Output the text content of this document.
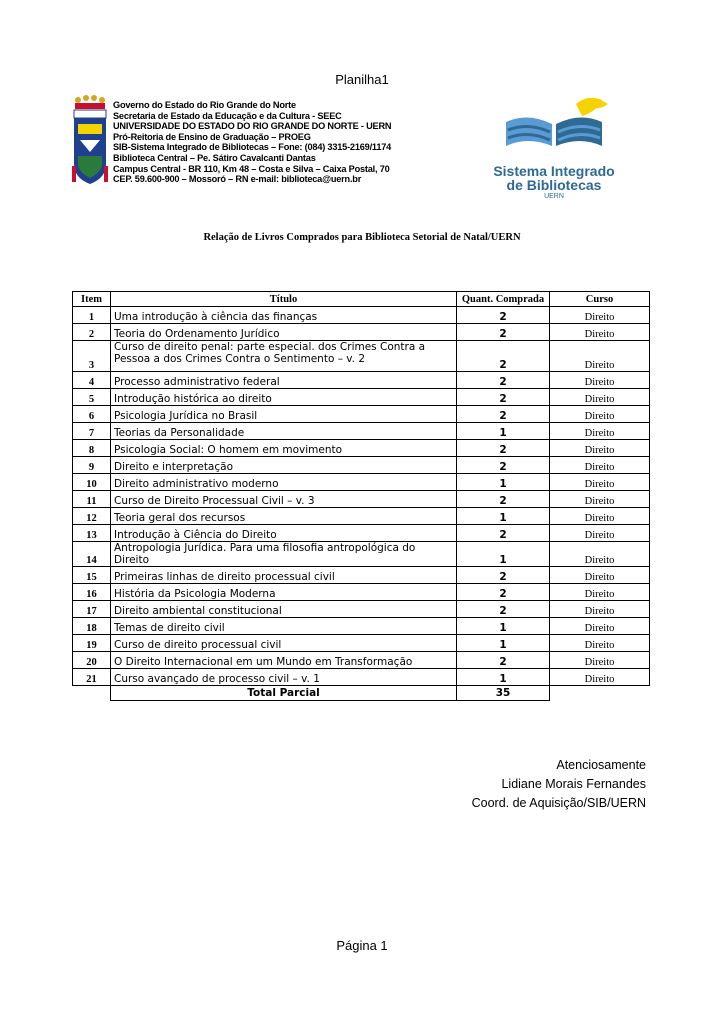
Planilha1
Governo do Estado do Rio Grande do Norte
Secretaria de Estado da Educação e da Cultura - SEEC
UNIVERSIDADE DO ESTADO DO RIO GRANDE DO NORTE - UERN
Pró-Reitoria de Ensino de Graduação – PROEG
SIB-Sistema Integrado de Bibliotecas – Fone: (084) 3315-2169/1174
Biblioteca Central – Pe. Sátiro Cavalcanti Dantas
Campus Central - BR 110, Km 48 – Costa e Silva – Caixa Postal, 70
CEP. 59.600-900 – Mossoró – RN e-mail: biblioteca@uern.br
Sistema Integrado
de Bibliotecas
UERN
Relação de Livros Comprados para Biblioteca Setorial de Natal/UERN
Item	Título	Quant. Comprada	Curso
1	Uma introdução à ciência das finanças	2	Direito
2	Teoria do Ordenamento Jurídico	2	Direito
3	Curso de direito penal: parte especial. dos Crimes Contra a Pessoa a dos Crimes Contra o Sentimento – v. 2	2	Direito
4	Processo administrativo federal	2	Direito
5	Introdução histórica ao direito	2	Direito
6	Psicologia Jurídica no Brasil	2	Direito
7	Teorias da Personalidade	1	Direito
8	Psicologia Social: O homem em movimento	2	Direito
9	Direito e interpretação	2	Direito
10	Direito administrativo moderno	1	Direito
11	Curso de Direito Processual Civil – v. 3	2	Direito
12	Teoria geral dos recursos	1	Direito
13	Introdução à Ciência do Direito	2	Direito
14	Antropologia Jurídica. Para uma filosofia antropológica do Direito	1	Direito
15	Primeiras linhas de direito processual civil	2	Direito
16	História da Psicologia Moderna	2	Direito
17	Direito ambiental constitucional	2	Direito
18	Temas de direito civil	1	Direito
19	Curso de direito processual civil	1	Direito
20	O Direito Internacional em um Mundo em Transformação	2	Direito
21	Curso avançado de processo civil – v. 1	1	Direito
	Total Parcial	35	
Atenciosamente
Lidiane Morais Fernandes
Coord. de Aquisição/SIB/UERN
Página 1
